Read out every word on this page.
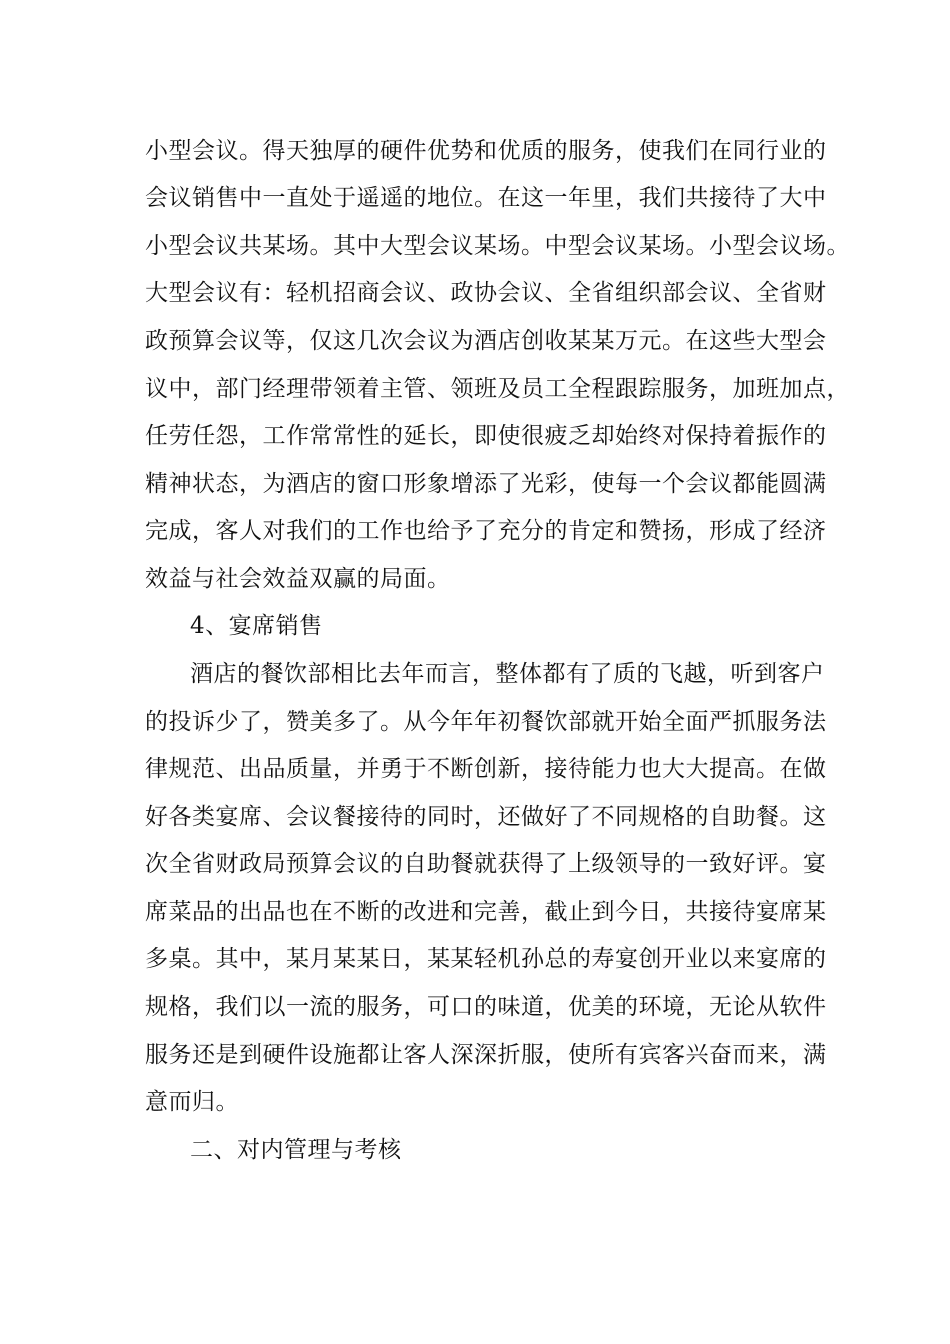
小型会议。得天独厚的硬件优势和优质的服务，使我们在同行业的
会议销售中一直处于遥遥的地位。在这一年里，我们共接待了大中
小型会议共某场。其中大型会议某场。中型会议某场。小型会议场。
大型会议有：轻机招商会议、政协会议、全省组织部会议、全省财
政预算会议等，仅这几次会议为酒店创收某某万元。在这些大型会
议中，部门经理带领着主管、领班及员工全程跟踪服务，加班加点，
任劳任怨，工作常常性的延长，即使很疲乏却始终对保持着振作的
精神状态，为酒店的窗口形象增添了光彩，使每一个会议都能圆满
完成，客人对我们的工作也给予了充分的肯定和赞扬，形成了经济
效益与社会效益双赢的局面。
4、宴席销售
酒店的餐饮部相比去年而言，整体都有了质的飞越，听到客户
的投诉少了，赞美多了。从今年年初餐饮部就开始全面严抓服务法
律规范、出品质量，并勇于不断创新，接待能力也大大提高。在做
好各类宴席、会议餐接待的同时，还做好了不同规格的自助餐。这
次全省财政局预算会议的自助餐就获得了上级领导的一致好评。宴
席菜品的出品也在不断的改进和完善，截止到今日，共接待宴席某
多桌。其中，某月某某日，某某轻机孙总的寿宴创开业以来宴席的
规格，我们以一流的服务，可口的味道，优美的环境，无论从软件
服务还是到硬件设施都让客人深深折服，使所有宾客兴奋而来，满
意而归。
二、对内管理与考核
